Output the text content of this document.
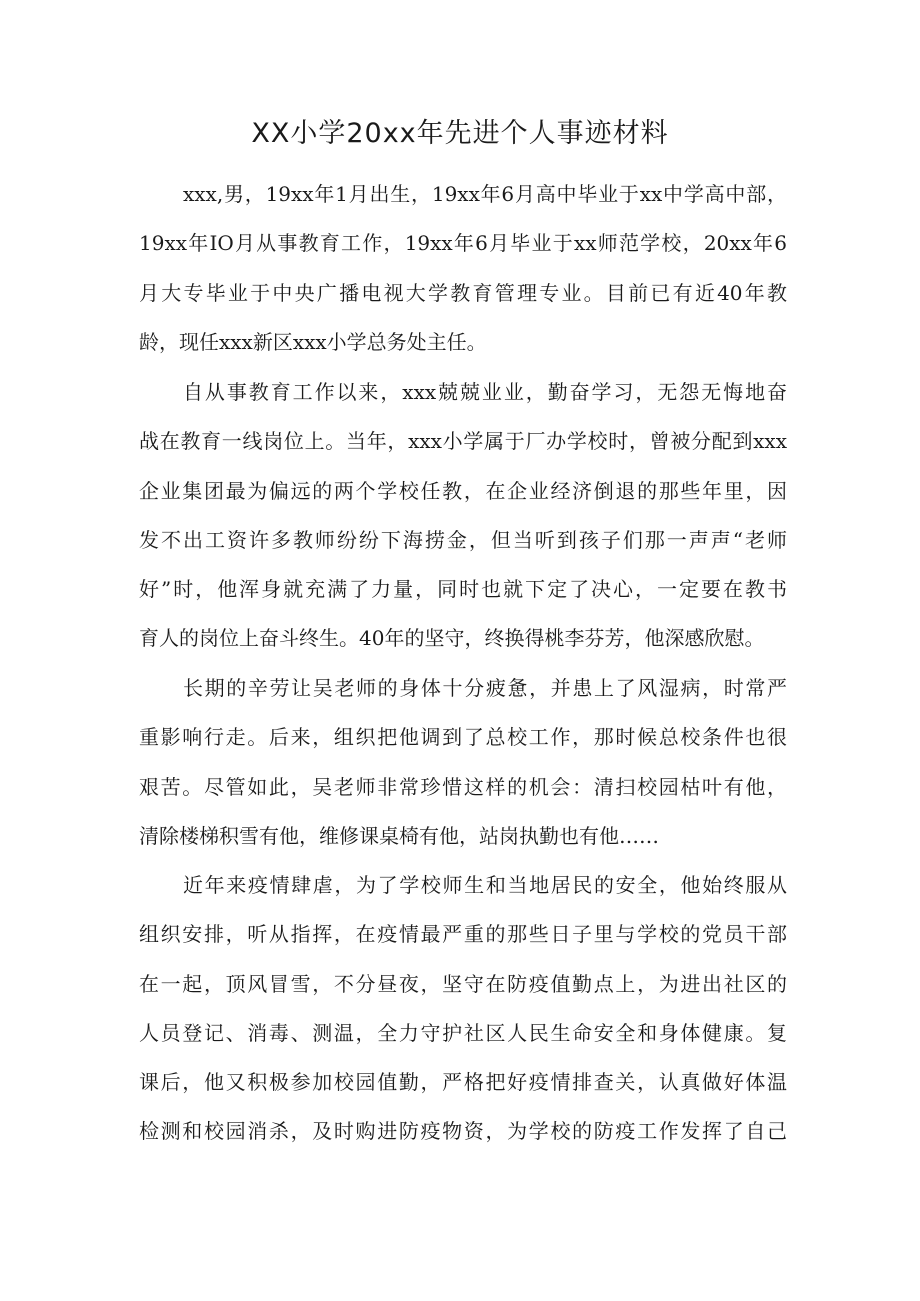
XX小学20xx年先进个人事迹材料
xxx,男，19xx年1月出生，19xx年6月高中毕业于xx中学高中部，
19xx年IO月从事教育工作，19xx年6月毕业于xx师范学校，20xx年6
月大专毕业于中央广播电视大学教育管理专业。目前已有近40年教
龄，现任xxx新区xxx小学总务处主任。
自从事教育工作以来，xxx兢兢业业，勤奋学习，无怨无悔地奋
战在教育一线岗位上。当年，xxx小学属于厂办学校时，曾被分配到xxx
企业集团最为偏远的两个学校任教，在企业经济倒退的那些年里，因
发不出工资许多教师纷纷下海捞金，但当听到孩子们那一声声“老师
好”时，他浑身就充满了力量，同时也就下定了决心，一定要在教书
育人的岗位上奋斗终生。40年的坚守，终换得桃李芬芳，他深感欣慰。
长期的辛劳让吴老师的身体十分疲惫，并患上了风湿病，时常严
重影响行走。后来，组织把他调到了总校工作，那时候总校条件也很
艰苦。尽管如此，吴老师非常珍惜这样的机会：清扫校园枯叶有他，
清除楼梯积雪有他，维修课桌椅有他，站岗执勤也有他……
近年来疫情肆虐，为了学校师生和当地居民的安全，他始终服从
组织安排，听从指挥，在疫情最严重的那些日子里与学校的党员干部
在一起，顶风冒雪，不分昼夜，坚守在防疫值勤点上，为进出社区的
人员登记、消毒、测温，全力守护社区人民生命安全和身体健康。复
课后，他又积极参加校园值勤，严格把好疫情排查关，认真做好体温
检测和校园消杀，及时购进防疫物资，为学校的防疫工作发挥了自己
